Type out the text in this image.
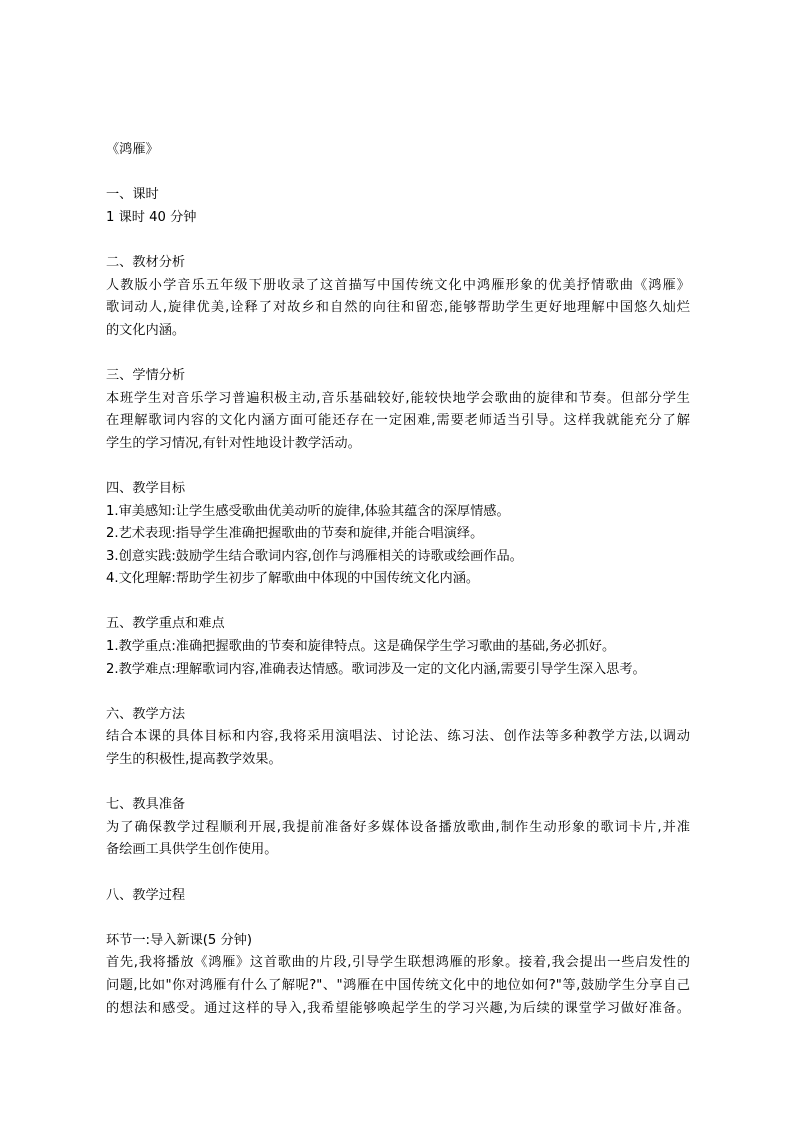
《鸿雁》

一、课时

1 课时 40 分钟

二、教材分析

人教版小学音乐五年级下册收录了这首描写中国传统文化中鸿雁形象的优美抒情歌曲《鸿雁》

歌词动人,旋律优美,诠释了对故乡和自然的向往和留恋,能够帮助学生更好地理解中国悠久灿烂

的文化内涵。

三、学情分析

本班学生对音乐学习普遍积极主动,音乐基础较好,能较快地学会歌曲的旋律和节奏。但部分学生

在理解歌词内容的文化内涵方面可能还存在一定困难,需要老师适当引导。这样我就能充分了解

学生的学习情况,有针对性地设计教学活动。

四、教学目标

1.审美感知:让学生感受歌曲优美动听的旋律,体验其蕴含的深厚情感。

2.艺术表现:指导学生准确把握歌曲的节奏和旋律,并能合唱演绎。

3.创意实践:鼓励学生结合歌词内容,创作与鸿雁相关的诗歌或绘画作品。

4.文化理解:帮助学生初步了解歌曲中体现的中国传统文化内涵。

五、教学重点和难点

1.教学重点:准确把握歌曲的节奏和旋律特点。这是确保学生学习歌曲的基础,务必抓好。

2.教学难点:理解歌词内容,准确表达情感。歌词涉及一定的文化内涵,需要引导学生深入思考。

六、教学方法

结合本课的具体目标和内容,我将采用演唱法、讨论法、练习法、创作法等多种教学方法,以调动

学生的积极性,提高教学效果。

七、教具准备

为了确保教学过程顺利开展,我提前准备好多媒体设备播放歌曲,制作生动形象的歌词卡片,并准

备绘画工具供学生创作使用。

八、教学过程

环节一:导入新课(5 分钟)

首先,我将播放《鸿雁》这首歌曲的片段,引导学生联想鸿雁的形象。接着,我会提出一些启发性的

问题,比如"你对鸿雁有什么了解呢?"、"鸿雁在中国传统文化中的地位如何?"等,鼓励学生分享自己

的想法和感受。通过这样的导入,我希望能够唤起学生的学习兴趣,为后续的课堂学习做好准备。
